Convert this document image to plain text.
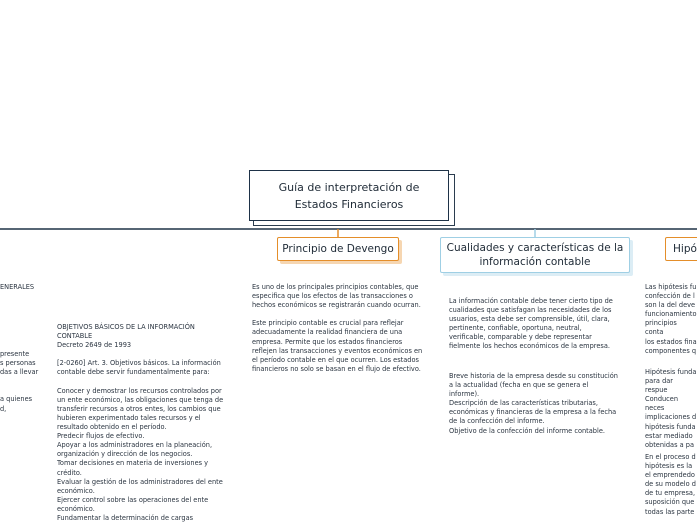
Guía de interpretación de
Estados Financieros
Principio de Devengo	Cualidades y características de la información contable
Hipó
ENERALES
presente
s personas
das a llevar

a quienes
d,
OBJETIVOS BÁSICOS DE LA INFORMACIÓN
CONTABLE
Decreto 2649 de 1993

[2-0260] Art. 3. Objetivos básicos. La información
contable debe servir fundamentalmente para:

Conocer y demostrar los recursos controlados por
un ente económico, las obligaciones que tenga de
transferir recursos a otros entes, los cambios que
hubieren experimentado tales recursos y el
resultado obtenido en el período.
Predecir flujos de efectivo.
Apoyar a los administradores en la planeación,
organización y dirección de los negocios.
Tomar decisiones en materia de inversiones y
crédito.
Evaluar la gestión de los administradores del ente
económico.
Ejercer control sobre las operaciones del ente
económico.
Fundamentar la determinación de cargas
Es uno de los principales principios contables, que
especifica que los efectos de las transacciones o
hechos económicos se registrarán cuando ocurran.

Este principio contable es crucial para reflejar
adecuadamente la realidad financiera de una
empresa. Permite que los estados financieros
reflejen las transacciones y eventos económicos en
el período contable en el que ocurren. Los estados
financieros no solo se basan en el flujo de efectivo.
La información contable debe tener cierto tipo de
cualidades que satisfagan las necesidades de los
usuarios, esta debe ser comprensible, útil, clara,
pertinente, confiable, oportuna, neutral,
verificable, comparable y debe representar
fielmente los hechos económicos de la empresa.
Breve historia de la empresa desde su constitución
a la actualidad (fecha en que se genera el
informe).
Descripción de las características tributarias,
económicas y financieras de la empresa a la fecha
de la confección del informe.
Objetivo de la confección del informe contable.
Las hipótesis fu
confección de l
son la del deve
funcionamiento
principios conta
los estados fina
componentes q
Hipótesis funda
para dar respue
Conducen neces
implicaciones d
hipótesis funda
estar mediado
obtenidas a pa
En el proceso d
hipótesis es la
el emprendedo
de su modelo d
de tu empresa,
suposición que
todas las parte
